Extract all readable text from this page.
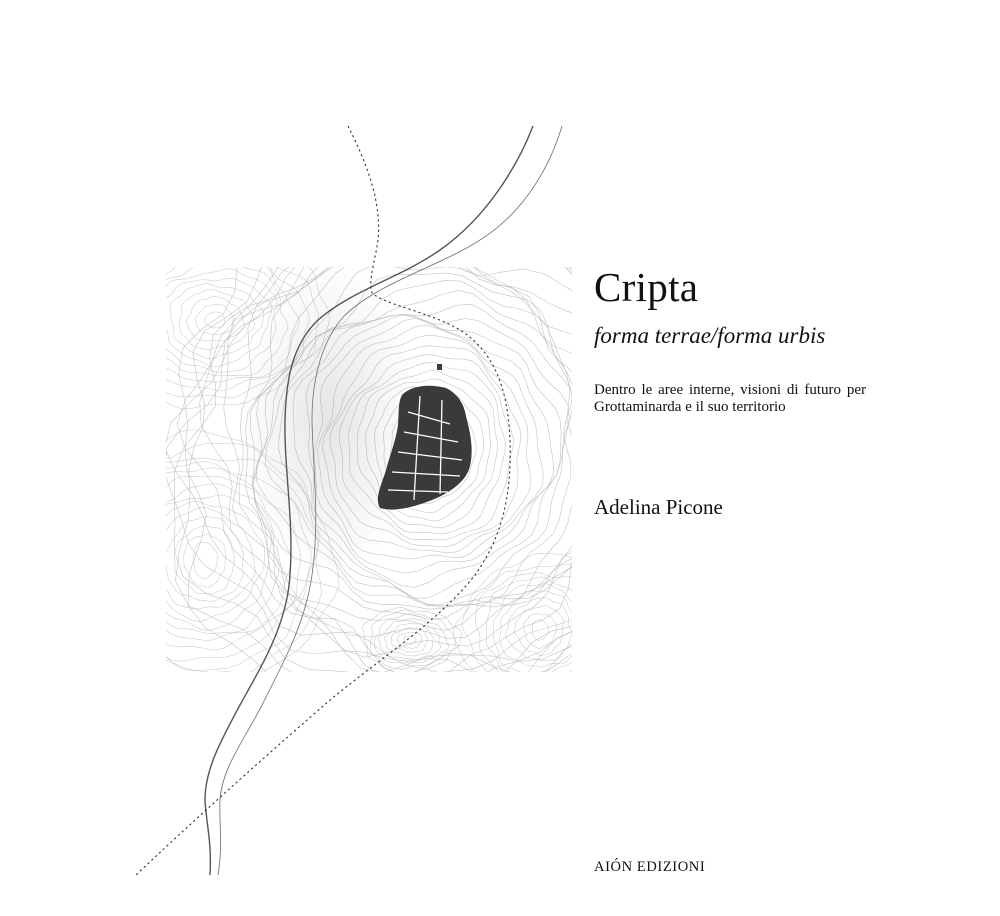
Cripta
forma terrae/forma urbis
Dentro le aree interne, visioni di futuro per Grottaminarda e il suo territorio
Adelina Picone
AIÓN EDIZIONI
